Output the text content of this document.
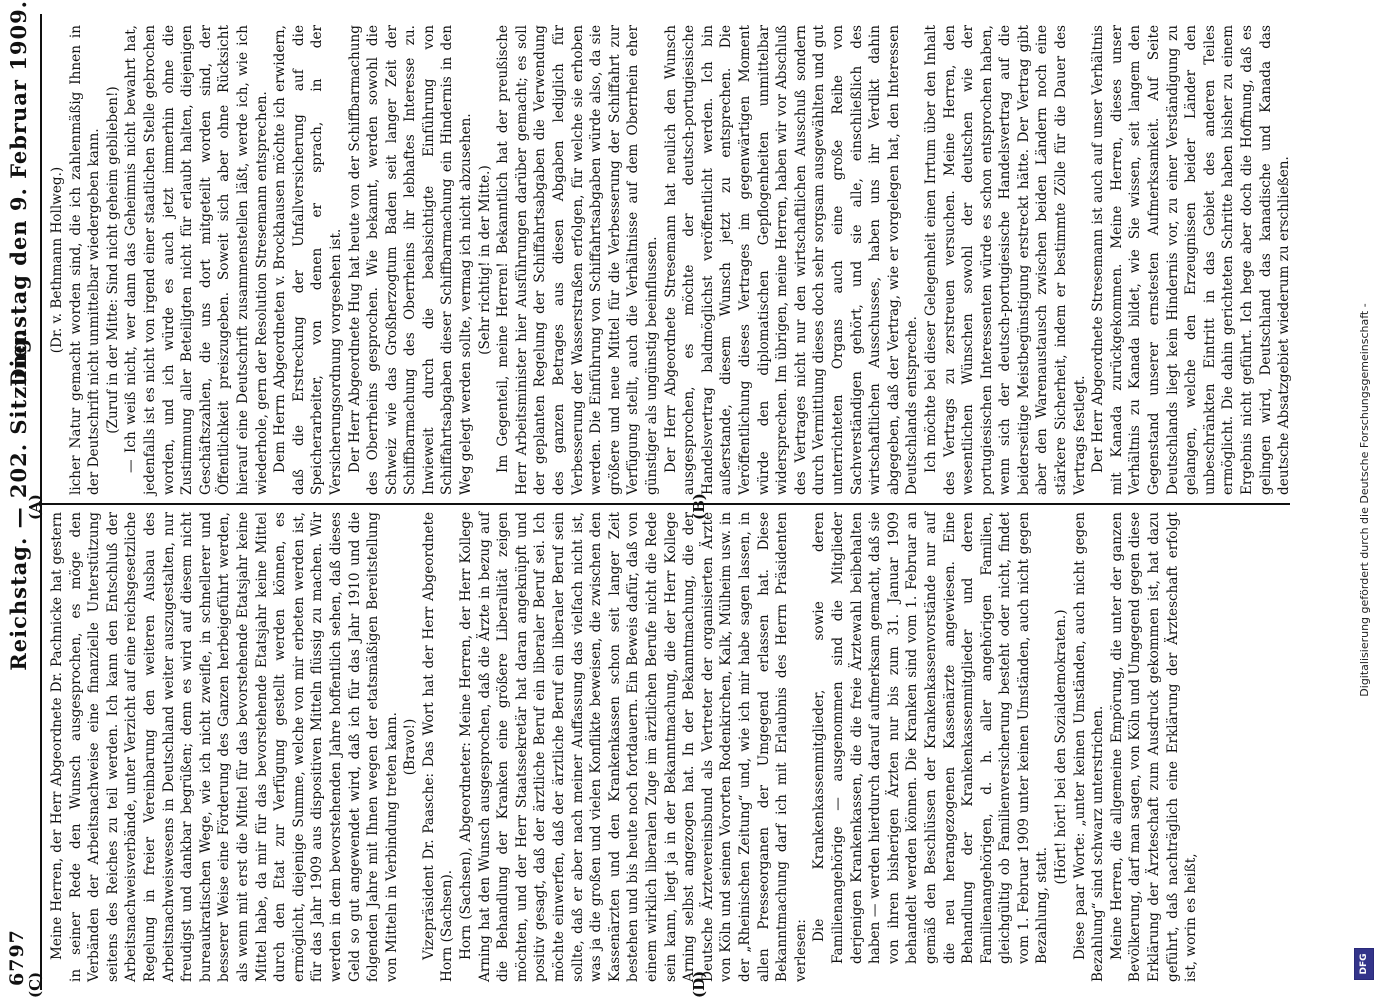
6797
Reichstag. — 202. Sitzung.
Dienstag den 9. Februar 1909.
(A)	(B)
(C)	(D)

(Dr. v. Bethmann Hollweg.) licher Natur gemacht worden sind, die ich zahlenmäßig Ihnen in der Deutschrift nicht unmittelbar wiedergeben kann. (Zuruf in der Mitte: Sind nicht geheim geblieben!) — Ich weiß nicht, wer dann das Geheimnis nicht bewahrt hat, jedenfalls ist es nicht von irgend einer staatlichen Stelle gebrochen worden, und ich würde es auch jetzt immerhin ohne die Zustimmung aller Beteiligten nicht für erlaubt halten, diejenigen Geschäftszahlen, die uns dort mitgeteilt worden sind, der Öffentlichkeit preiszugeben. Soweit sich aber ohne Rücksicht hierauf eine Deutschrift zusammenstellen läßt, werde ich, wie ich wiederhole, gern der Resolution Stresemann entsprechen. Dem Herrn Abgeordneten v. Brockhausen möchte ich erwidern, daß die Erstreckung der Unfallversicherung auf die Speicherarbeiter, von denen er sprach, in der Versicherungsordnung vorgesehen ist. Der Herr Abgeordnete Hug hat heute von der Schiffbarmachung des Oberrheins gesprochen. Wie bekannt, werden sowohl die Schweiz wie das Großherzogtum Baden seit langer Zeit der Schiffbarmachung des Oberrheins ihr lebhaftes Interesse zu. Inwieweit durch die beabsichtigte Einführung von Schiffahrtsabgaben dieser Schiffbarmachung ein Hindernis in den Weg gelegt werden sollte, vermag ich nicht abzusehen. (Sehr richtig! in der Mitte.) Im Gegenteil, meine Herren! Bekanntlich hat der preußische Herr Arbeitsminister hier Ausführungen darüber gemacht; es soll der geplanten Regelung der Schiffahrtsabgaben die Verwendung des ganzen Betrages aus diesen Abgaben lediglich für Verbesserung der Wasserstraßen erfolgen, für welche sie erhoben werden. Die Einführung von Schiffahrtsabgaben würde also, da sie größere und neue Mittel für die Verbesserung der Schiffahrt zur Verfügung stellt, auch die Verhältnisse auf dem Oberrhein eher günstiger als ungünstig beeinflussen. Der Herr Abgeordnete Stresemann hat neulich den Wunsch ausgesprochen, es möchte der deutsch-portugiesische Handelsvertrag baldmöglichst veröffentlicht werden. Ich bin außerstande, diesem Wunsch jetzt zu entsprechen. Die Veröffentlichung dieses Vertrages im gegenwärtigen Moment würde den diplomatischen Gepflogenheiten unmittelbar widersprechen. Im übrigen, meine Herren, haben wir vor Abschluß des Vertrages nicht nur den wirtschaftlichen Ausschuß sondern durch Vermittlung dieses doch sehr sorgsam ausgewählten und gut unterrichteten Organs auch eine große Reihe von Sachverständigen gehört, und sie alle, einschließlich des wirtschaftlichen Ausschusses, haben uns ihr Verdikt dahin abgegeben, daß der Vertrag, wie er vorgelegen hat, den Interessen Deutschlands entspreche. Ich möchte bei dieser Gelegenheit einen Irrtum über den Inhalt des Vertrags zu zerstreuen versuchen. Meine Herren, den wesentlichen Wünschen sowohl der deutschen wie der portugiesischen Interessenten würde es schon entsprochen haben, wenn sich der deutsch-portugiesische Handelsvertrag auf die beiderseitige Meistbegünstigung erstreckt hätte. Der Vertrag gibt aber den Warenaustausch zwischen beiden Ländern noch eine stärkere Sicherheit, indem er bestimmte Zölle für die Dauer des Vertrags festlegt. Der Herr Abgeordnete Stresemann ist auch auf unser Verhältnis mit Kanada zurückgekommen. Meine Herren, dieses unser Verhältnis zu Kanada bildet, wie Sie wissen, seit langem den Gegenstand unserer ernstesten Aufmerksamkeit. Auf Seite Deutschlands liegt kein Hindernis vor, zu einer Verständigung zu gelangen, welche den Erzeugnissen beider Länder den unbeschränkten Eintritt in das Gebiet des anderen Teiles ermöglicht. Die dahin gerichteten Schritte haben bisher zu einem Ergebnis nicht geführt. Ich hege aber doch die Hoffnung, daß es gelingen wird, Deutschland das kanadische und Kanada das deutsche Absatzgebiet wiederum zu erschließen.

Meine Herren, der Herr Abgeordnete Dr. Pachnicke hat gestern in seiner Rede den Wunsch ausgesprochen, es möge den Verbänden der Arbeitsnachweise eine finanzielle Unterstützung seitens des Reiches zu teil werden. Ich kann den Entschluß der Arbeitsnachweisverbände, unter Verzicht auf eine reichsgesetzliche Regelung in freier Vereinbarung den weiteren Ausbau des Arbeitsnachweiswesens in Deutschland weiter auszugestalten, nur freudigst und dankbar begrüßen; denn es wird auf diesem nicht bureaukratischen Wege, wie ich nicht zweifle, in schnellerer und besserer Weise eine Förderung des Ganzen herbeigeführt werden, als wenn mit erst die Mittel für das bevorstehende Etatsjahr keine Mittel habe, da mir für das bevorstehende Etatsjahr keine Mittel durch den Etat zur Verfügung gestellt werden können, es ermöglicht, diejenige Summe, welche von mir erbeten werden ist, für das Jahr 1909 aus dispositiven Mitteln flüssig zu machen. Wir werden in dem bevorstehenden Jahre hoffentlich sehen, daß dieses Geld so gut angewendet wird, daß ich für das Jahr 1910 und die folgenden Jahre mit Ihnen wegen der etatsmäßigen Bereitstellung von Mitteln in Verbindung treten kann. (Bravo!) Vizepräsident Dr. Paasche: Das Wort hat der Herr Abgeordnete Horn (Sachsen). Horn (Sachsen), Abgeordneter: Meine Herren, der Herr Kollege Arning hat den Wunsch ausgesprochen, daß die Ärzte in bezug auf die Behandlung der Kranken eine größere Liberalität zeigen möchten, und der Herr Staatssekretär hat daran angeknüpft und positiv gesagt, daß der ärztliche Beruf ein liberaler Beruf sei. Ich möchte einwerfen, daß der ärztliche Beruf ein liberaler Beruf sein sollte, daß er aber nach meiner Auffassung das vielfach nicht ist, was ja die großen und vielen Konflikte beweisen, die zwischen den Kassenärzten und den Krankenkassen schon seit langer Zeit bestehen und bis heute noch fortdauern. Ein Beweis dafür, daß von einem wirklich liberalen Zuge im ärztlichen Berufe nicht die Rede sein kann, liegt ja in der Bekanntmachung, die der Herr Kollege Arning selbst angezogen hat. In der Bekanntmachung, die der Deutsche Ärztevereinsbund als Vertreter der organisierten Ärzte von Köln und seinen Vororten Rodenkirchen, Kalk, Mülheim usw. in der „Rheinischen Zeitung“ und, wie ich mir habe sagen lassen, in allen Presseorganen der Umgegend erlassen hat. Diese Bekanntmachung darf ich mit Erlaubnis des Herrn Präsidenten verlesen:

Die Krankenkassenmitglieder, sowie deren Familienangehörige — ausgenommen sind die Mitglieder derjenigen Krankenkassen, die die freie Ärztewahl beibehalten haben — werden hierdurch darauf aufmerksam gemacht, daß sie von ihren bisherigen Ärzten nur bis zum 31. Januar 1909 behandelt werden können. Die Kranken sind vom 1. Februar an gemäß den Beschlüssen der Krankenkassenvorstände nur auf die neu herangezogenen Kassenärzte angewiesen. Eine Behandlung der Krankenkassenmitglieder und deren Familienangehörigen, d. h. aller angehörigen Familien, gleichgültig ob Familienversicherung besteht oder nicht, findet vom 1. Februar 1909 unter keinen Umständen, auch nicht gegen Bezahlung, statt.

(Hört! hört! bei den Sozialdemokraten.) Diese paar Worte: „unter keinen Umständen, auch nicht gegen Bezahlung“ sind schwarz unterstrichen. Meine Herren, die allgemeine Empörung, die unter der ganzen Bevölkerung, darf man sagen, von Köln und Umgegend gegen diese Erklärung der Ärzteschaft zum Ausdruck gekommen ist, hat dazu geführt, daß nachträglich eine Erklärung der Ärzteschaft erfolgt ist, worin es heißt,

Digitalisierung gefördert durch die Deutsche Forschungsgemeinschaft -
DFG
